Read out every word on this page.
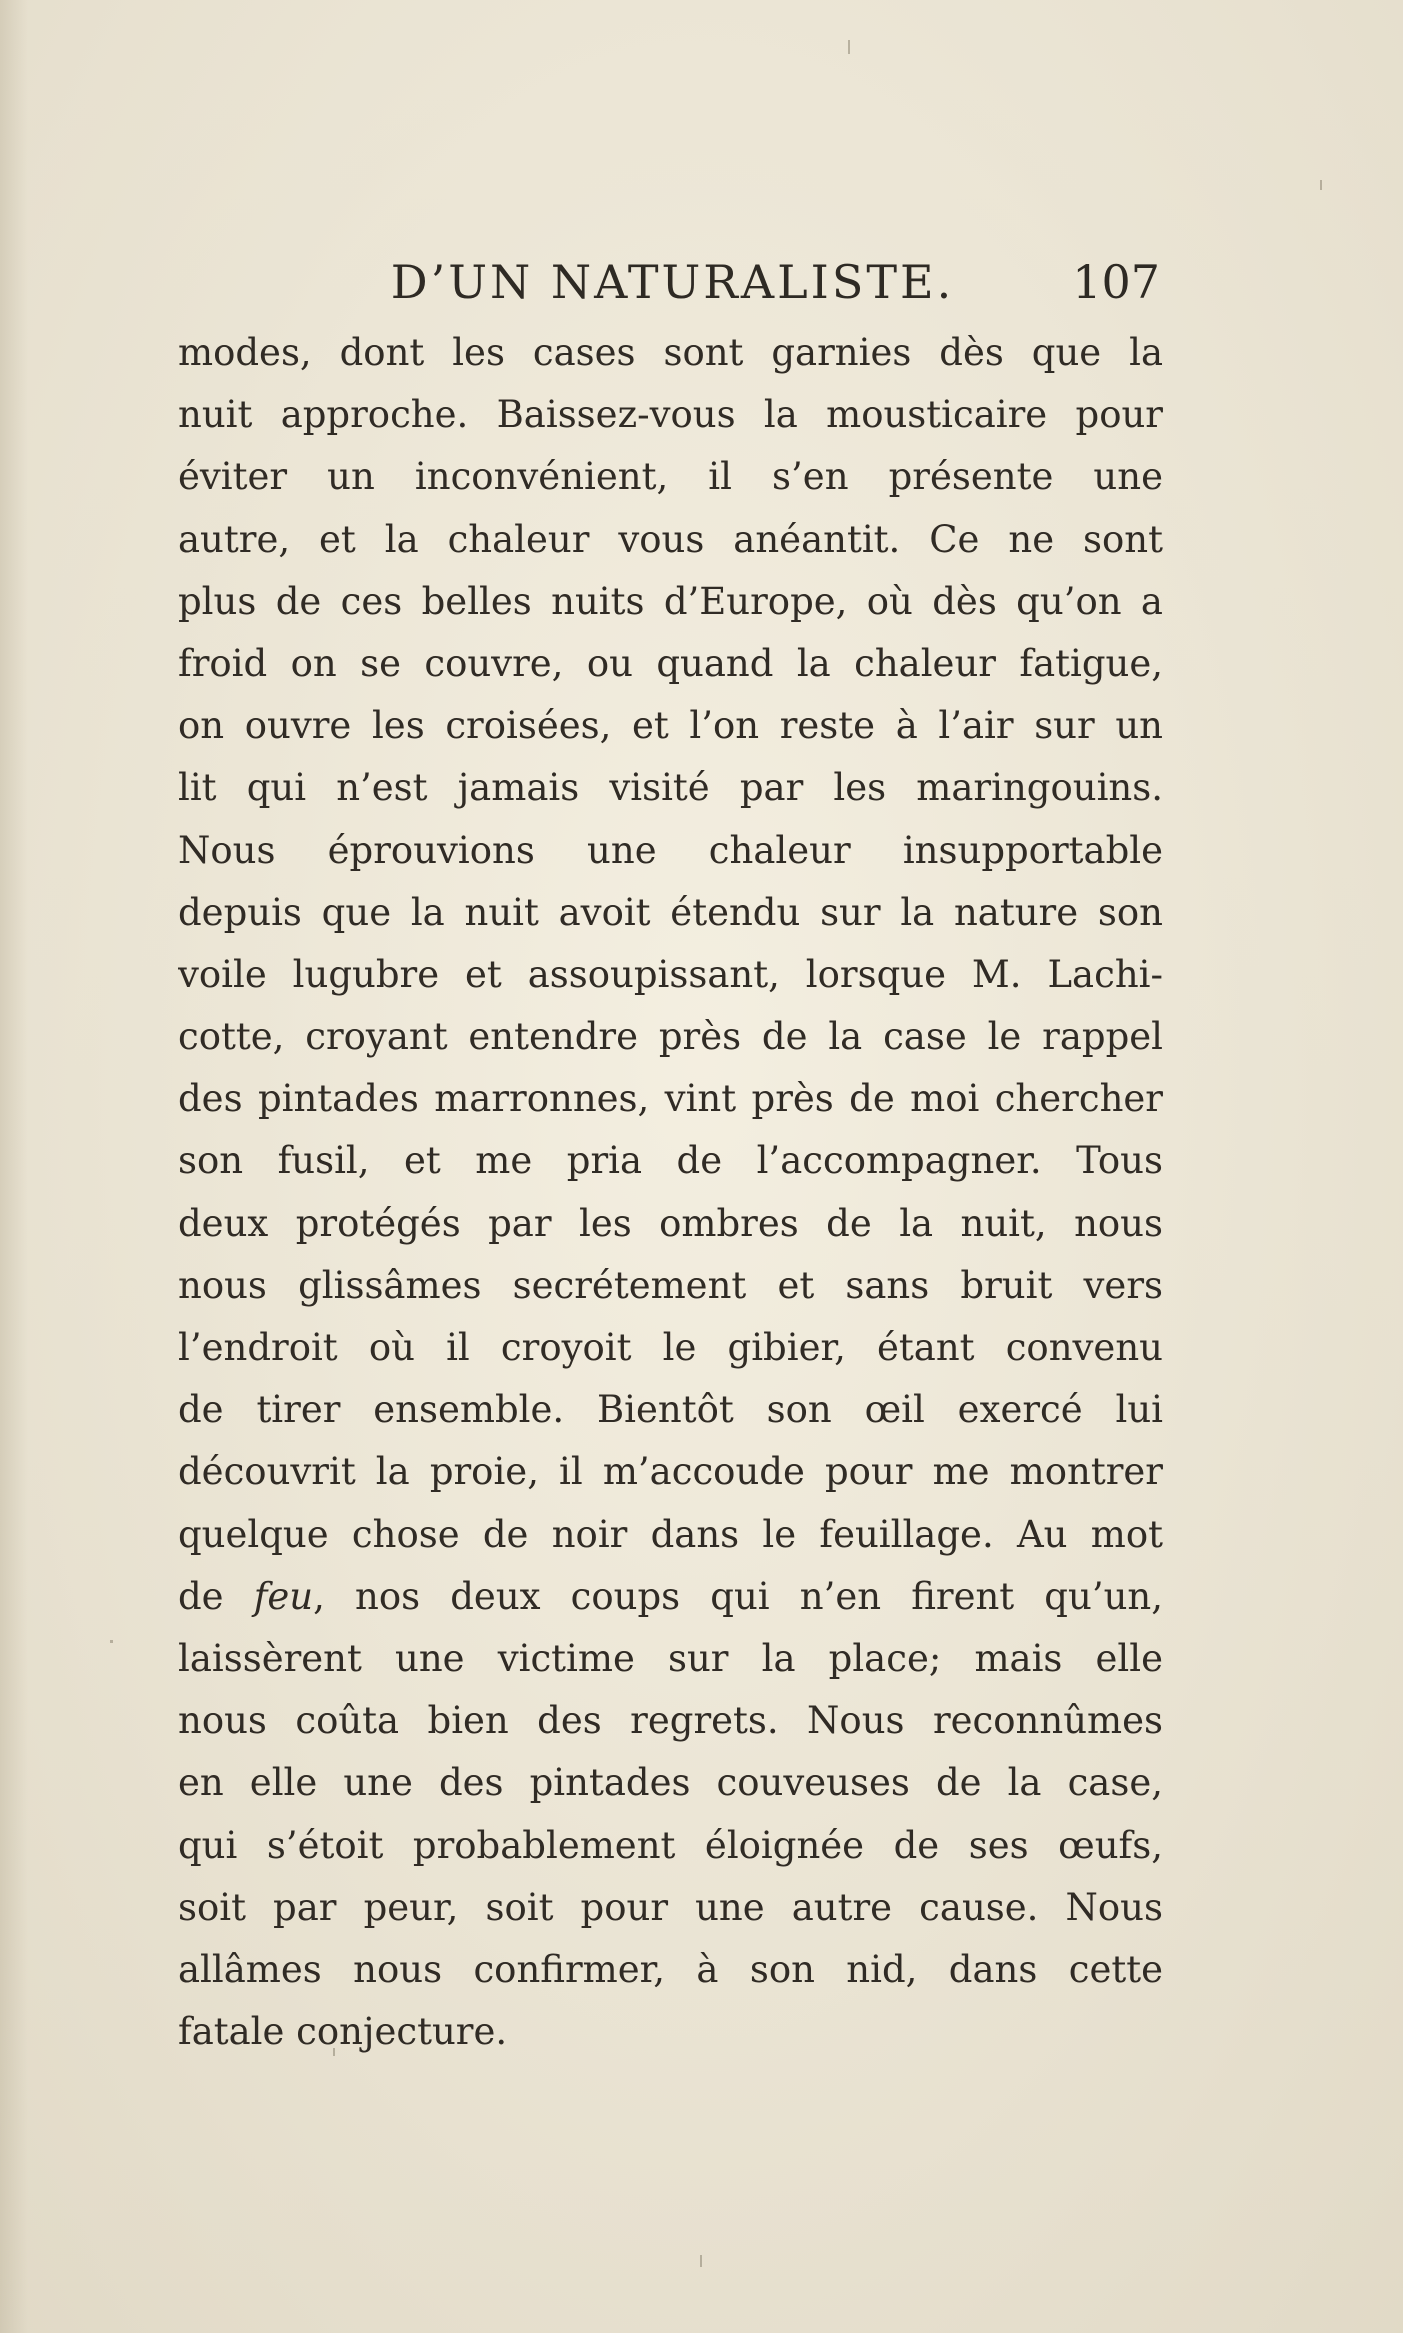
D’UN NATURALISTE.	107
modes, dont les cases sont garnies dès que la
nuit approche. Baissez-vous la mousticaire pour
éviter un inconvénient, il s’en présente une
autre, et la chaleur vous anéantit. Ce ne sont
plus de ces belles nuits d’Europe, où dès qu’on a
froid on se couvre, ou quand la chaleur fatigue,
on ouvre les croisées, et l’on reste à l’air sur un
lit qui n’est jamais visité par les maringouins.
Nous éprouvions une chaleur insupportable
depuis que la nuit avoit étendu sur la nature son
voile lugubre et assoupissant, lorsque M. Lachi-
cotte, croyant entendre près de la case le rappel
des pintades marronnes, vint près de moi chercher
son fusil, et me pria de l’accompagner. Tous
deux protégés par les ombres de la nuit, nous
nous glissâmes secrétement et sans bruit vers
l’endroit où il croyoit le gibier, étant convenu
de tirer ensemble. Bientôt son œil exercé lui
découvrit la proie, il m’accoude pour me montrer
quelque chose de noir dans le feuillage. Au mot
de feu, nos deux coups qui n’en firent qu’un,
laissèrent une victime sur la place; mais elle
nous coûta bien des regrets. Nous reconnûmes
en elle une des pintades couveuses de la case,
qui s’étoit probablement éloignée de ses œufs,
soit par peur, soit pour une autre cause. Nous
allâmes nous confirmer, à son nid, dans cette
fatale conjecture.
